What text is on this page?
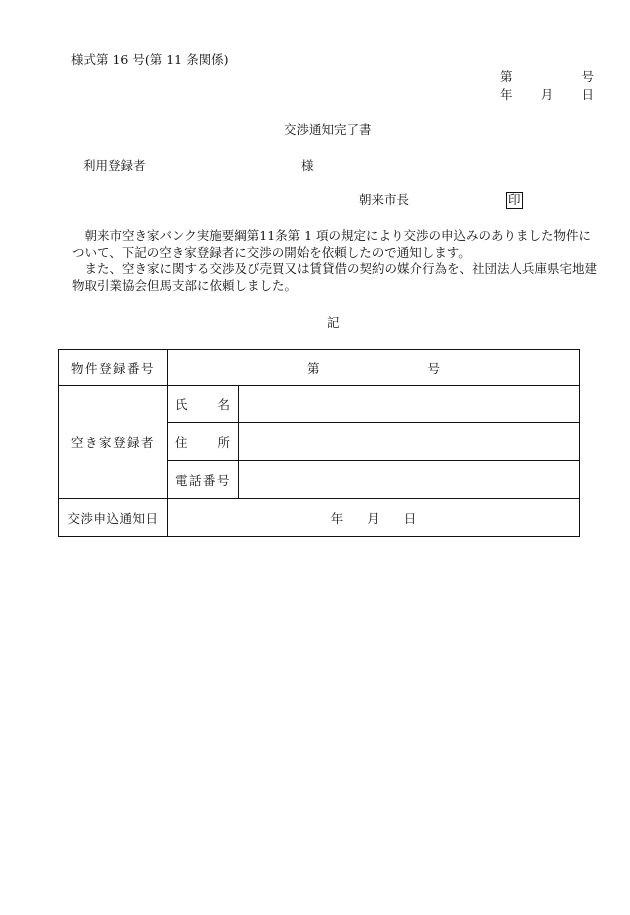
様式第 16 号(第 11 条関係)
第	号
年 月 日
交渉通知完了書
利用登録者	様
朝来市長	印

朝来市空き家バンク実施要綱第11条第 1 項の規定により交渉の申込みのありました物件について、下記の空き家登録者に交渉の開始を依頼したので通知します。

また、空き家に関する交渉及び売買又は賃貸借の契約の媒介行為を、社団法人兵庫県宅地建物取引業協会但馬支部に依頼しました。

記
物件登録番号	第 号	
空き家登録者	氏 名	

	住 所	

	電話番号	

交渉申込通知日	年 月 日	
